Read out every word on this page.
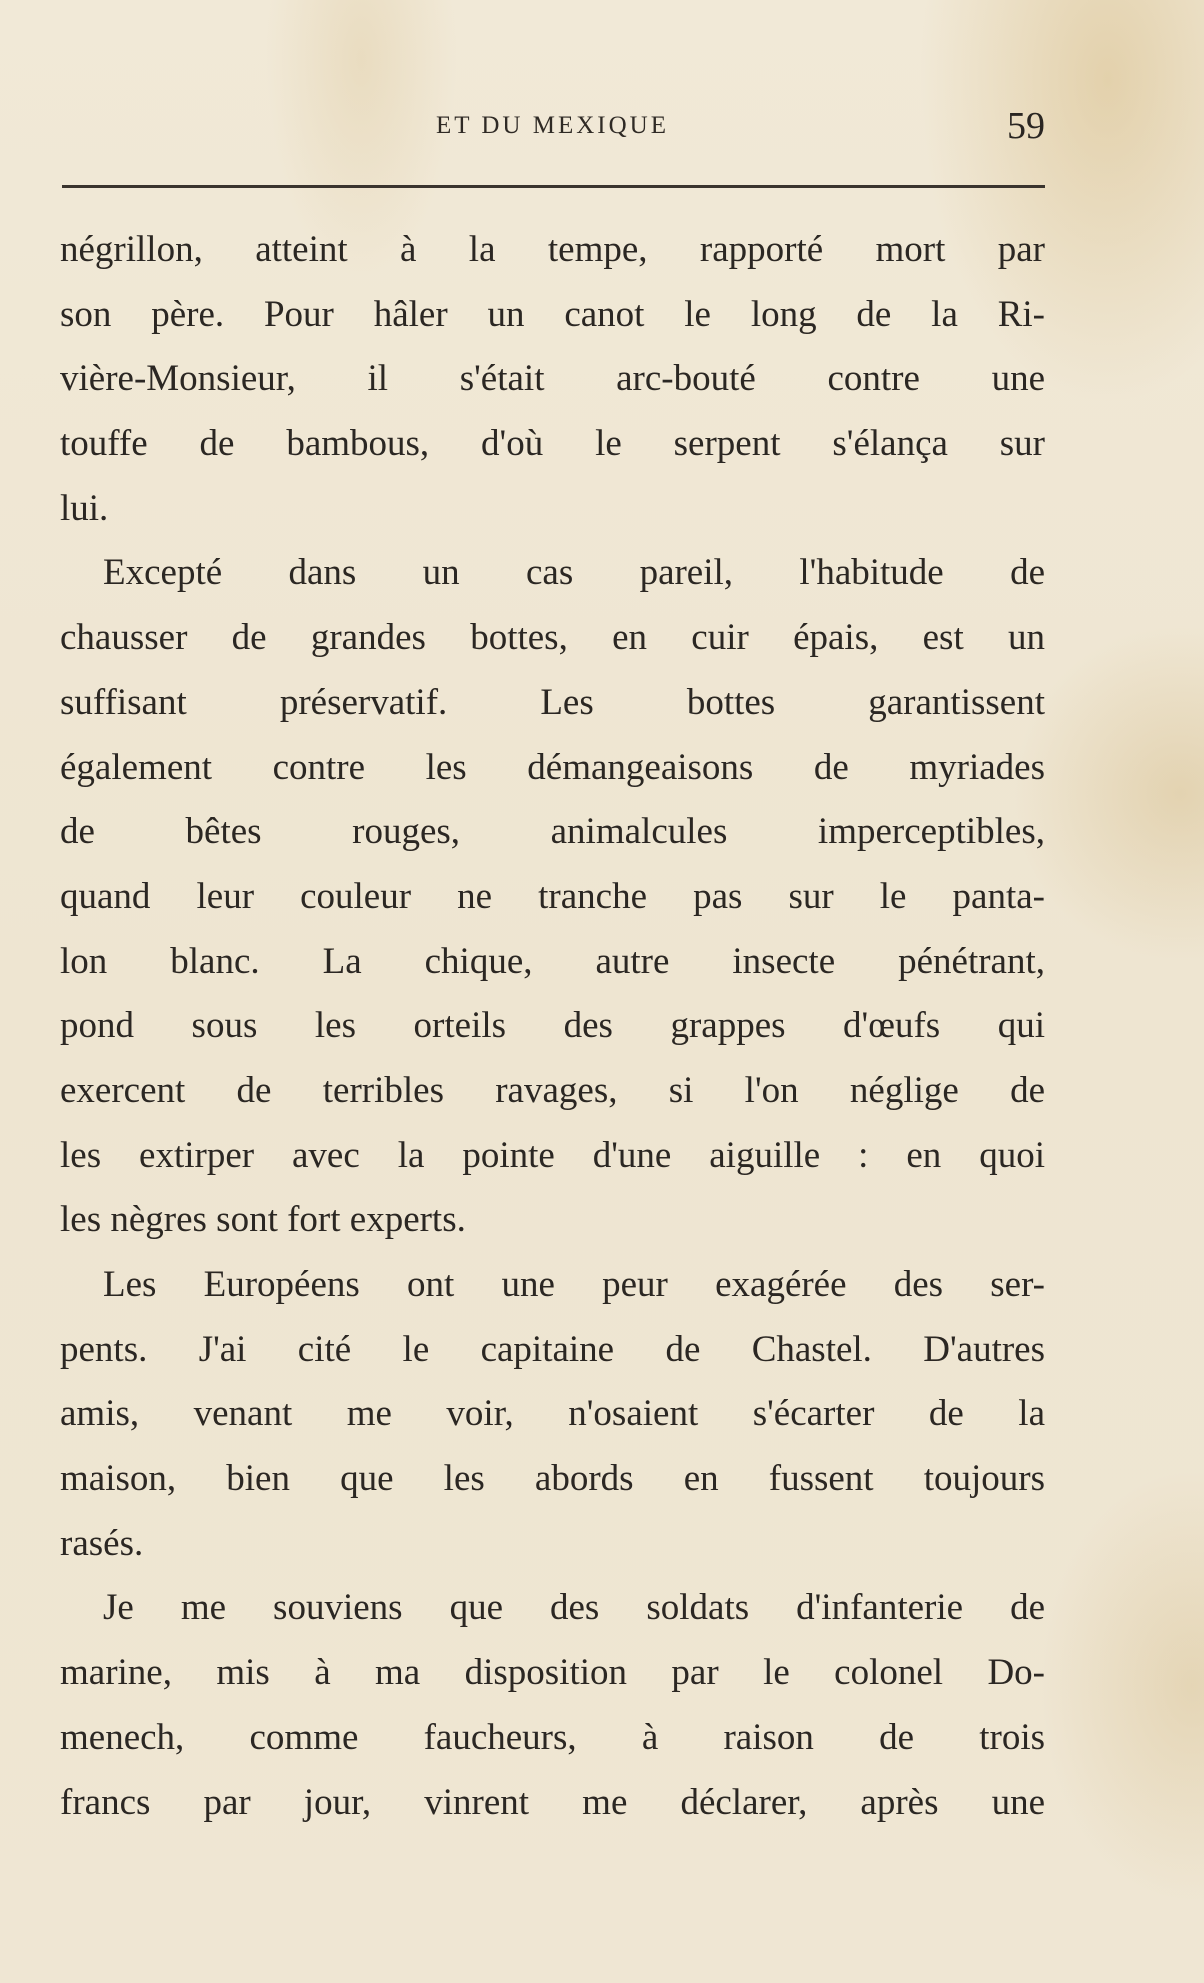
ET DU MEXIQUE	59
négrillon, atteint à la tempe, rapporté mort par
son père. Pour hâler un canot le long de la Ri-
vière-Monsieur, il s'était arc-bouté contre une
touffe de bambous, d'où le serpent s'élança sur
lui.
Excepté dans un cas pareil, l'habitude de
chausser de grandes bottes, en cuir épais, est un
suffisant préservatif. Les bottes garantissent
également contre les démangeaisons de myriades
de bêtes rouges, animalcules imperceptibles,
quand leur couleur ne tranche pas sur le panta-
lon blanc. La chique, autre insecte pénétrant,
pond sous les orteils des grappes d'œufs qui
exercent de terribles ravages, si l'on néglige de
les extirper avec la pointe d'une aiguille : en quoi
les nègres sont fort experts.
Les Européens ont une peur exagérée des ser-
pents. J'ai cité le capitaine de Chastel. D'autres
amis, venant me voir, n'osaient s'écarter de la
maison, bien que les abords en fussent toujours
rasés.
Je me souviens que des soldats d'infanterie de
marine, mis à ma disposition par le colonel Do-
menech, comme faucheurs, à raison de trois
francs par jour, vinrent me déclarer, après une
